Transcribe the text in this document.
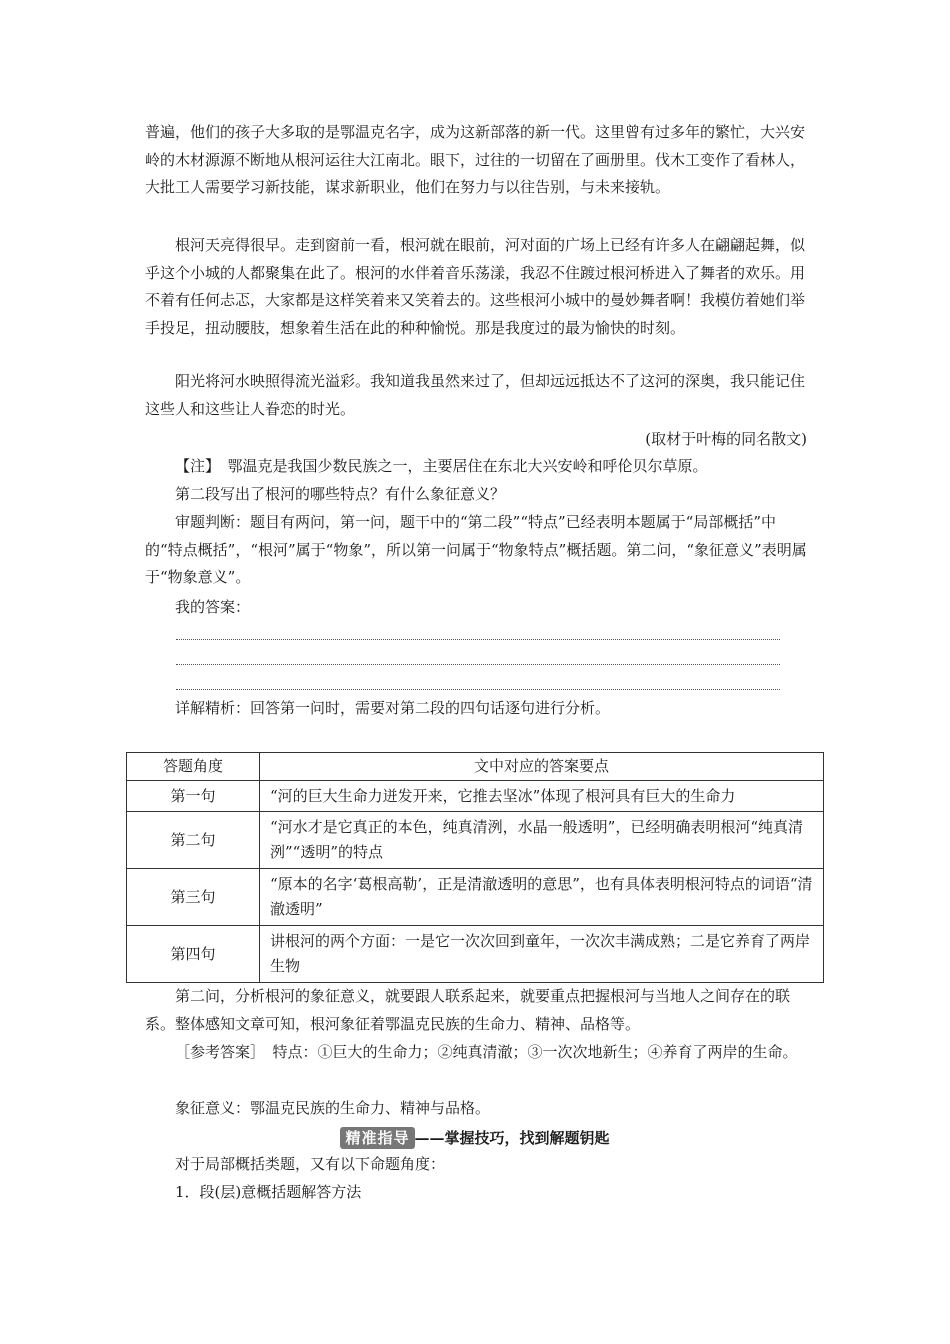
普遍，他们的孩子大多取的是鄂温克名字，成为这新部落的新一代。这里曾有过多年的繁忙，大兴安岭的木材源源不断地从根河运往大江南北。眼下，过往的一切留在了画册里。伐木工变作了看林人，大批工人需要学习新技能，谋求新职业，他们在努力与以往告别，与未来接轨。

根河天亮得很早。走到窗前一看，根河就在眼前，河对面的广场上已经有许多人在翩翩起舞，似乎这个小城的人都聚集在此了。根河的水伴着音乐荡漾，我忍不住踱过根河桥进入了舞者的欢乐。用不着有任何忐忑，大家都是这样笑着来又笑着去的。这些根河小城中的曼妙舞者啊！我模仿着她们举手投足，扭动腰肢，想象着生活在此的种种愉悦。那是我度过的最为愉快的时刻。

阳光将河水映照得流光溢彩。我知道我虽然来过了，但却远远抵达不了这河的深奥，我只能记住这些人和这些让人眷恋的时光。

(取材于叶梅的同名散文)

【注】　鄂温克是我国少数民族之一，主要居住在东北大兴安岭和呼伦贝尔草原。

第二段写出了根河的哪些特点？有什么象征意义？

审题判断：题目有两问，第一问，题干中的“第二段”“特点”已经表明本题属于“局部概括”中的“特点概括”，“根河”属于“物象”，所以第一问属于“物象特点”概括题。第二问，“象征意义”表明属于“物象意义”。

我的答案：

详解精析：回答第一问时，需要对第二段的四句话逐句进行分析。

答题角度	文中对应的答案要点
第一句	“河的巨大生命力迸发开来，它推去坚冰”体现了根河具有巨大的生命力
第二句	“河水才是它真正的本色，纯真清洌，水晶一般透明”，已经明确表明根河“纯真清洌”“透明”的特点
第三句	“原本的名字‘葛根高勒’，正是清澈透明的意思”，也有具体表明根河特点的词语“清澈透明”
第四句	讲根河的两个方面：一是它一次次回到童年，一次次丰满成熟；二是它养育了两岸生物

第二问，分析根河的象征意义，就要跟人联系起来，就要重点把握根河与当地人之间存在的联系。整体感知文章可知，根河象征着鄂温克民族的生命力、精神、品格等。

［参考答案］　特点：①巨大的生命力；②纯真清澈；③一次次地新生；④养育了两岸的生命。

象征意义：鄂温克民族的生命力、精神与品格。

精准指导 ——掌握技巧，找到解题钥匙

对于局部概括类题，又有以下命题角度：

1．段(层)意概括题解答方法
